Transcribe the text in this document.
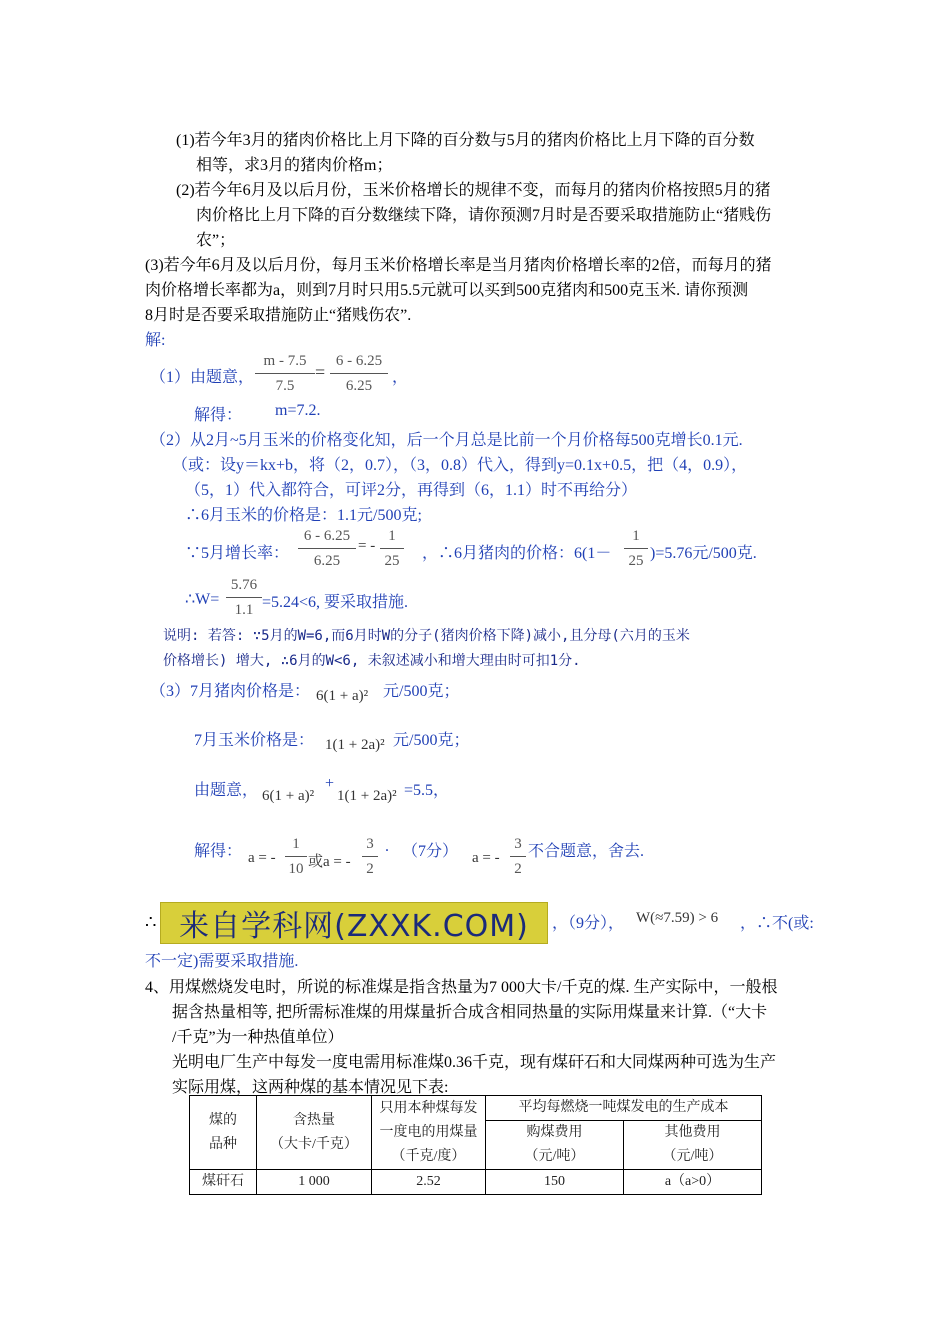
(1)若今年3月的猪肉价格比上月下降的百分数与5月的猪肉价格比上月下降的百分数
相等，求3月的猪肉价格m；
(2)若今年6月及以后月份，玉米价格增长的规律不变，而每月的猪肉价格按照5月的猪
肉价格比上月下降的百分数继续下降，请你预测7月时是否要采取措施防止“猪贱伤
农”；
(3)若今年6月及以后月份，每月玉米价格增长率是当月猪肉价格增长率的2倍，而每月的猪
肉价格增长率都为a，则到7月时只用5.5元就可以买到500克猪肉和500克玉米. 请你预测
8月时是否要采取措施防止“猪贱伤农”.
解:
（1）由题意，
m - 7.5
7.5
=
6 - 6.25
6.25	，
解得： m=7.2.
（2）从2月~5月玉米的价格变化知，后一个月总是比前一个月价格每500克增长0.1元.
（或：设y＝kx+b，将（2，0.7），（3，0.8）代入，得到y=0.1x+0.5，把（4，0.9），
（5，1）代入都符合，可评2分，再得到（6，1.1）时不再给分）
∴6月玉米的价格是：1.1元/500克;
∵5月增长率：
6 - 6.25
6.25
= -
1
25 ，∴6月猪肉的价格：6(1－
1
25 )=5.76元/500克.
∴W=
5.76
1.1 =5.24<6, 要采取措施.
说明: 若答: ∵5月的W=6,而6月时W的分子(猪肉价格下降)减小,且分母(六月的玉米
价格增长) 增大, ∴6月的W<6, 未叙述减小和增大理由时可扣1分.
（3）7月猪肉价格是： 6(1 + a)² 元/500克；
7月玉米价格是： 1(1 + 2a)² 元/500克；
由题意， 6(1 + a)²
+
1(1 + 2a)² =5.5，
解得： a = -
1
10 或a = -
3
2
. （7分） a = -
3
2
不合题意，舍去.
∴ 来自学科网(ZXXK.COM) ，（9分）， W(≈7.59) > 6 ，∴不(或:
不一定)需要采取措施.
4、用煤燃烧发电时，所说的标准煤是指含热量为7 000大卡/千克的煤. 生产实际中，一般根
据含热量相等, 把所需标准煤的用煤量折合成含相同热量的实际用煤量来计算.（“大卡
/千克”为一种热值单位）
光明电厂生产中每发一度电需用标准煤0.36千克，现有煤矸石和大同煤两种可选为生产
实际用煤，这两种煤的基本情况见下表:
煤的
品种	含热量
（大卡/千克）	只用本种煤每发
一度电的用煤量
（千克/度）	平均每燃烧一吨煤发电的生产成本	
			购煤费用
（元/吨）	其他费用
（元/吨）
煤矸石	1 000	2.52	150	a（a>0）
